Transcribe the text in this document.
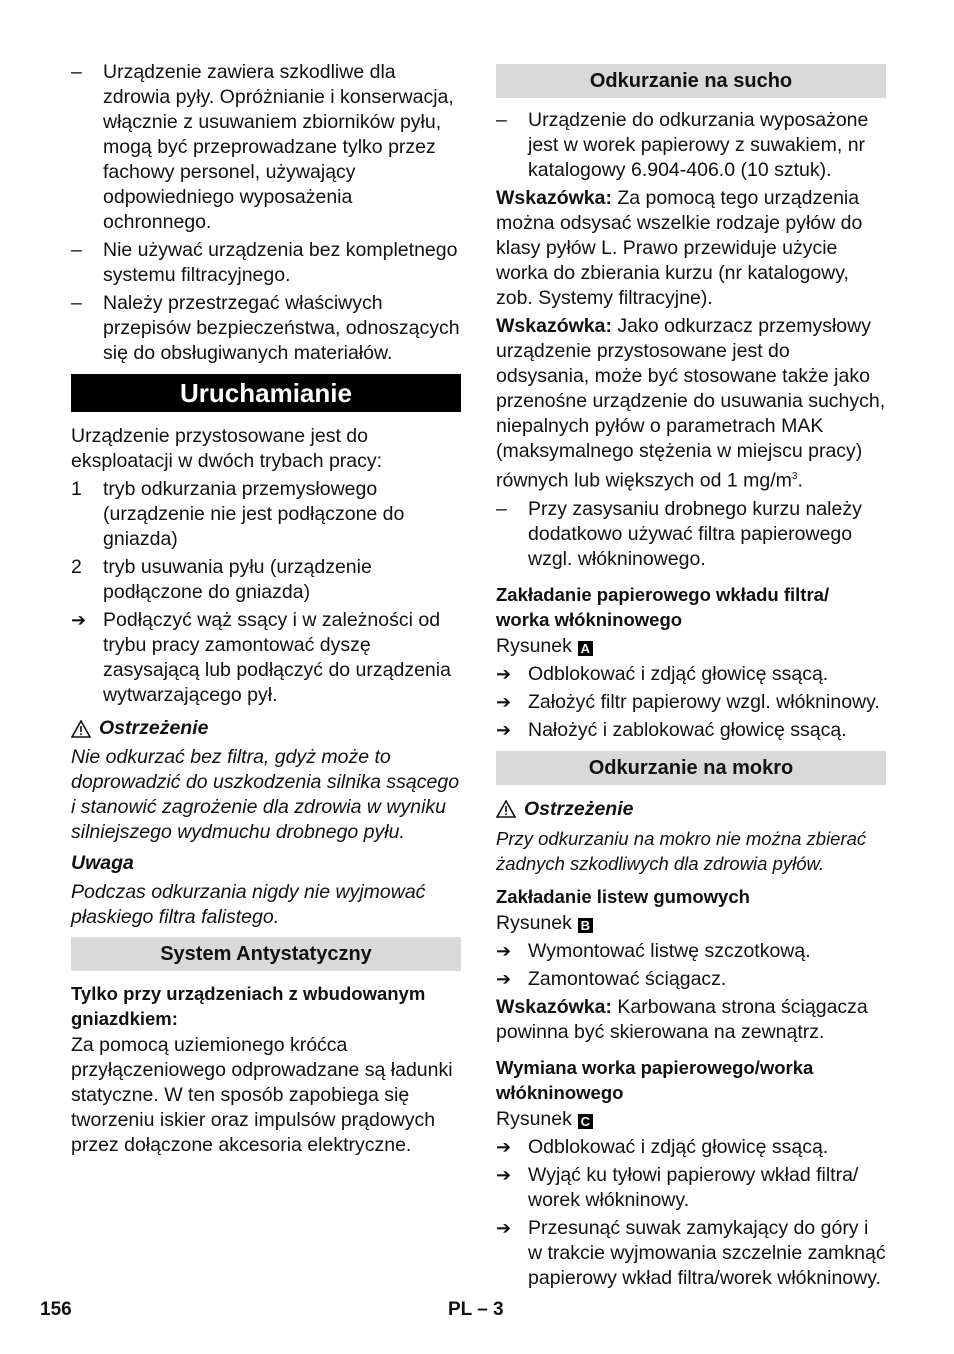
–	Urządzenie zawiera szkodliwe dla zdrowia pyły. Opróżnianie i konserwacja, włącznie z usuwaniem zbiorników pyłu, mogą być przeprowadzane tylko przez fachowy personel, używający odpowiedniego wyposażenia ochronnego.
–	Nie używać urządzenia bez kompletnego systemu filtracyjnego.
–	Należy przestrzegać właściwych przepisów bezpieczeństwa, odnoszących się do obsługiwanych materiałów.
Uruchamianie

Urządzenie przystosowane jest do eksploatacji w dwóch trybach pracy:

1	tryb odkurzania przemysłowego (urządzenie nie jest podłączone do gniazda)
2	tryb usuwania pyłu (urządzenie podłączone do gniazda)
➔ Podłączyć wąż ssący i w zależności od trybu pracy zamontować dyszę zasysającą lub podłączyć do urządzenia wytwarzającego pył.
Ostrzeżenie

Nie odkurzać bez filtra, gdyż może to doprowadzić do uszkodzenia silnika ssącego i stanowić zagrożenie dla zdrowia w wyniku silniejszego wydmuchu drobnego pyłu.

Uwaga

Podczas odkurzania nigdy nie wyjmować płaskiego filtra falistego.

System Antystatyczny
Tylko przy urządzeniach z wbudowanym gniazdkiem:

Za pomocą uziemionego króćca przyłączeniowego odprowadzane są ładunki statyczne. W ten sposób zapobiega się tworzeniu iskier oraz impulsów prądowych przez dołączone akcesoria elektryczne.

Odkurzanie na sucho
–	Urządzenie do odkurzania wyposażone jest w worek papierowy z suwakiem, nr katalogowy 6.904-406.0 (10 sztuk).

Wskazówka: Za pomocą tego urządzenia można odsysać wszelkie rodzaje pyłów do klasy pyłów L. Prawo przewiduje użycie worka do zbierania kurzu (nr katalogowy, zob. Systemy filtracyjne).

Wskazówka: Jako odkurzacz przemysłowy urządzenie przystosowane jest do odsysania, może być stosowane także jako przenośne urządzenie do usuwania suchych, niepalnych pyłów o parametrach MAK (maksymalnego stężenia w miejscu pracy) równych lub większych od 1 $mg/m^3$.

–	Przy zasysaniu drobnego kurzu należy dodatkowo używać filtra papierowego wzgl. włókninowego.
Zakładanie papierowego wkładu filtra/ worka włókninowego

Rysunek A

➔ Odblokować i zdjąć głowicę ssącą.
➔ Założyć filtr papierowy wzgl. włókninowy.
➔ Nałożyć i zablokować głowicę ssącą.
Odkurzanie na mokro
Ostrzeżenie

Przy odkurzaniu na mokro nie można zbierać żadnych szkodliwych dla zdrowia pyłów.

Zakładanie listew gumowych

Rysunek B

➔ Wymontować listwę szczotkową.
➔ Zamontować ściągacz.

Wskazówka: Karbowana strona ściągacza powinna być skierowana na zewnątrz.

Wymiana worka papierowego/worka włókninowego

Rysunek C

➔ Odblokować i zdjąć głowicę ssącą.
➔ Wyjąć ku tyłowi papierowy wkład filtra/ worek włókninowy.
➔ Przesunąć suwak zamykający do góry i w trakcie wyjmowania szczelnie zamknąć papierowy wkład filtra/worek włókninowy.
156	PL – 3
